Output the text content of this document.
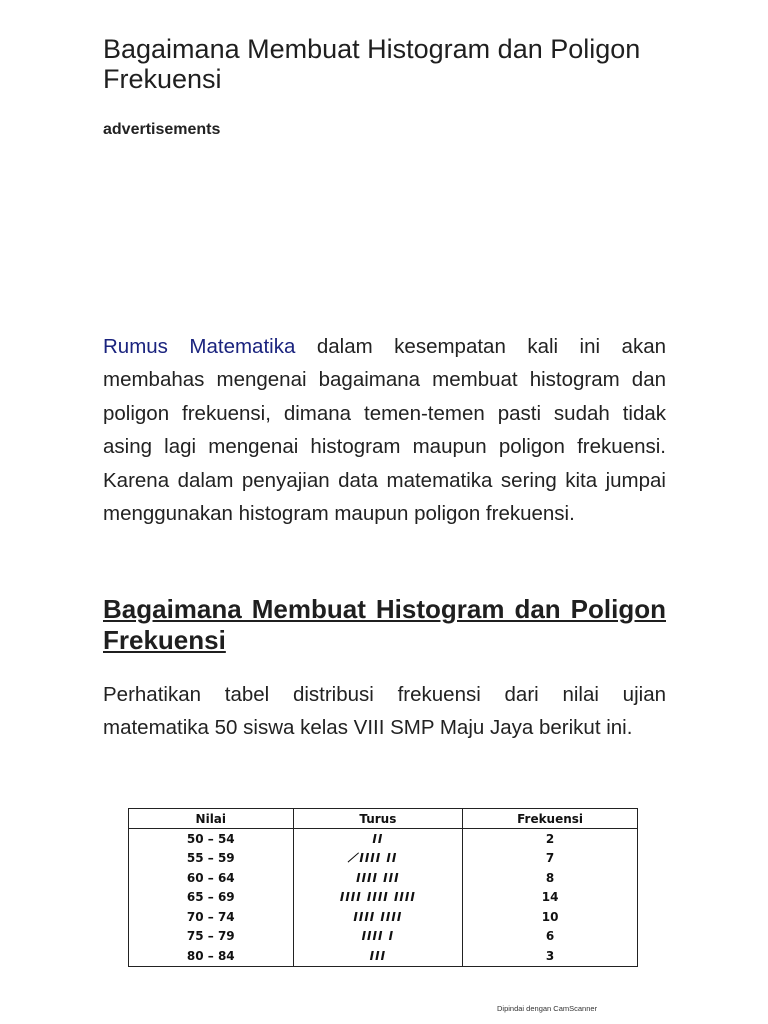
Bagaimana Membuat Histogram dan Poligon Frekuensi
advertisements

Rumus Matematika dalam kesempatan kali ini akan membahas mengenai bagaimana membuat histogram dan poligon frekuensi, dimana temen-temen pasti sudah tidak asing lagi mengenai histogram maupun poligon frekuensi. Karena dalam penyajian data matematika sering kita jumpai menggunakan histogram maupun poligon frekuensi.

Bagaimana Membuat Histogram dan Poligon Frekuensi

Perhatikan tabel distribusi frekuensi dari nilai ujian matematika 50 siswa kelas VIII SMP Maju Jaya berikut ini.

Nilai	Turus	Frekuensi
50 – 54	II	2
55 – 59	̸̸IIII II	7
60 – 64	IIII III	8
65 – 69	IIII IIII IIII	14
70 – 74	IIII IIII	10
75 – 79	IIII I	6
80 – 84	III	3
Dipindai dengan CamScanner
